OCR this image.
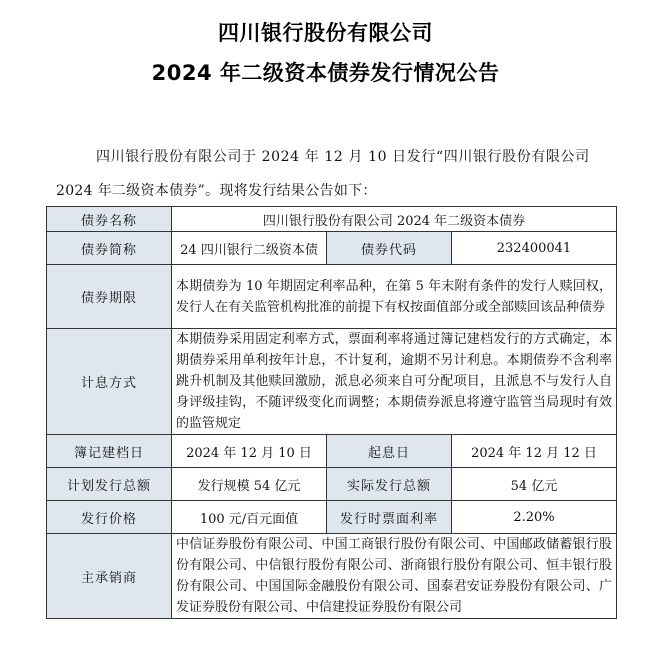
四川银行股份有限公司
2024 年二级资本债券发行情况公告
四川银行股份有限公司于 2024 年 12 月 10 日发行“四川银行股份有限公司
2024 年二级资本债券”。现将发行结果公告如下：
债券名称	四川银行股份有限公司 2024 年二级资本债券		
债券简称	24 四川银行二级资本债	债券代码	232400041
债券期限	本期债券为 10 年期固定利率品种，在第 5 年末附有条件的发行人赎回权，发行人在有关监管机构批准的前提下有权按面值部分或全部赎回该品种债券		
计息方式	本期债券采用固定利率方式，票面利率将通过簿记建档发行的方式确定，本期债券采用单利按年计息，不计复利，逾期不另计利息。本期债券不含利率跳升机制及其他赎回激励，派息必须来自可分配项目，且派息不与发行人自身评级挂钩，不随评级变化而调整；本期债券派息将遵守监管当局现时有效的监管规定		
簿记建档日	2024 年 12 月 10 日	起息日	2024 年 12 月 12 日
计划发行总额	发行规模 54 亿元	实际发行总额	54 亿元
发行价格	100 元/百元面值	发行时票面利率	2.20%
主承销商	中信证券股份有限公司、中国工商银行股份有限公司、中国邮政储蓄银行股份有限公司、中信银行股份有限公司、浙商银行股份有限公司、恒丰银行股份有限公司、中国国际金融股份有限公司、国泰君安证券股份有限公司、广发证券股份有限公司、中信建投证券股份有限公司		
